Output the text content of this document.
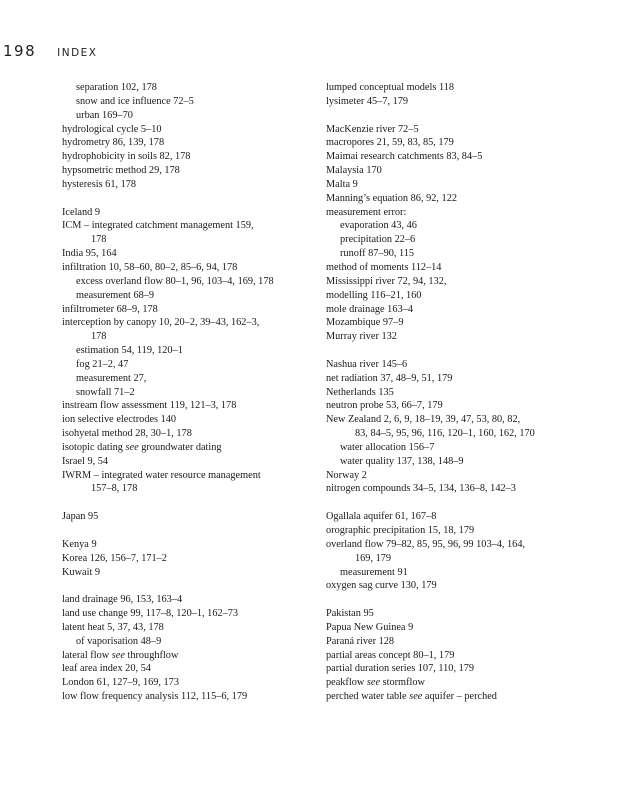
198 INDEX
separation 102, 178
snow and ice influence 72–5
urban 169–70
hydrological cycle 5–10
hydrometry 86, 139, 178
hydrophobicity in soils 82, 178
hypsometric method 29, 178
hysteresis 61, 178
Iceland 9
ICM – integrated catchment management 159,
178
India 95, 164
infiltration 10, 58–60, 80–2, 85–6, 94, 178
excess overland flow 80–1, 96, 103–4, 169, 178
measurement 68–9
infiltrometer 68–9, 178
interception by canopy 10, 20–2, 39–43, 162–3,
178
estimation 54, 119, 120–1
fog 21–2, 47
measurement 27,
snowfall 71–2
instream flow assessment 119, 121–3, 178
ion selective electrodes 140
isohyetal method 28, 30–1, 178
isotopic dating see groundwater dating
Israel 9, 54
IWRM – integrated water resource management
157–8, 178
Japan 95
Kenya 9
Korea 126, 156–7, 171–2
Kuwait 9
land drainage 96, 153, 163–4
land use change 99, 117–8, 120–1, 162–73
latent heat 5, 37, 43, 178
of vaporisation 48–9
lateral flow see throughflow
leaf area index 20, 54
London 61, 127–9, 169, 173
low flow frequency analysis 112, 115–6, 179
lumped conceptual models 118
lysimeter 45–7, 179
MacKenzie river 72–5
macropores 21, 59, 83, 85, 179
Maimai research catchments 83, 84–5
Malaysia 170
Malta 9
Manning’s equation 86, 92, 122
measurement error:
evaporation 43, 46
precipitation 22–6
runoff 87–90, 115
method of moments 112–14
Mississippi river 72, 94, 132,
modelling 116–21, 160
mole drainage 163–4
Mozambique 97–9
Murray river 132
Nashua river 145–6
net radiation 37, 48–9, 51, 179
Netherlands 135
neutron probe 53, 66–7, 179
New Zealand 2, 6, 9, 18–19, 39, 47, 53, 80, 82,
83, 84–5, 95, 96, 116, 120–1, 160, 162, 170
water allocation 156–7
water quality 137, 138, 148–9
Norway 2
nitrogen compounds 34–5, 134, 136–8, 142–3
Ogallala aquifer 61, 167–8
orographic precipitation 15, 18, 179
overland flow 79–82, 85, 95, 96, 99 103–4, 164,
169, 179
measurement 91
oxygen sag curve 130, 179
Pakistan 95
Papua New Guinea 9
Paraná river 128
partial areas concept 80–1, 179
partial duration series 107, 110, 179
peakflow see stormflow
perched water table see aquifer – perched
